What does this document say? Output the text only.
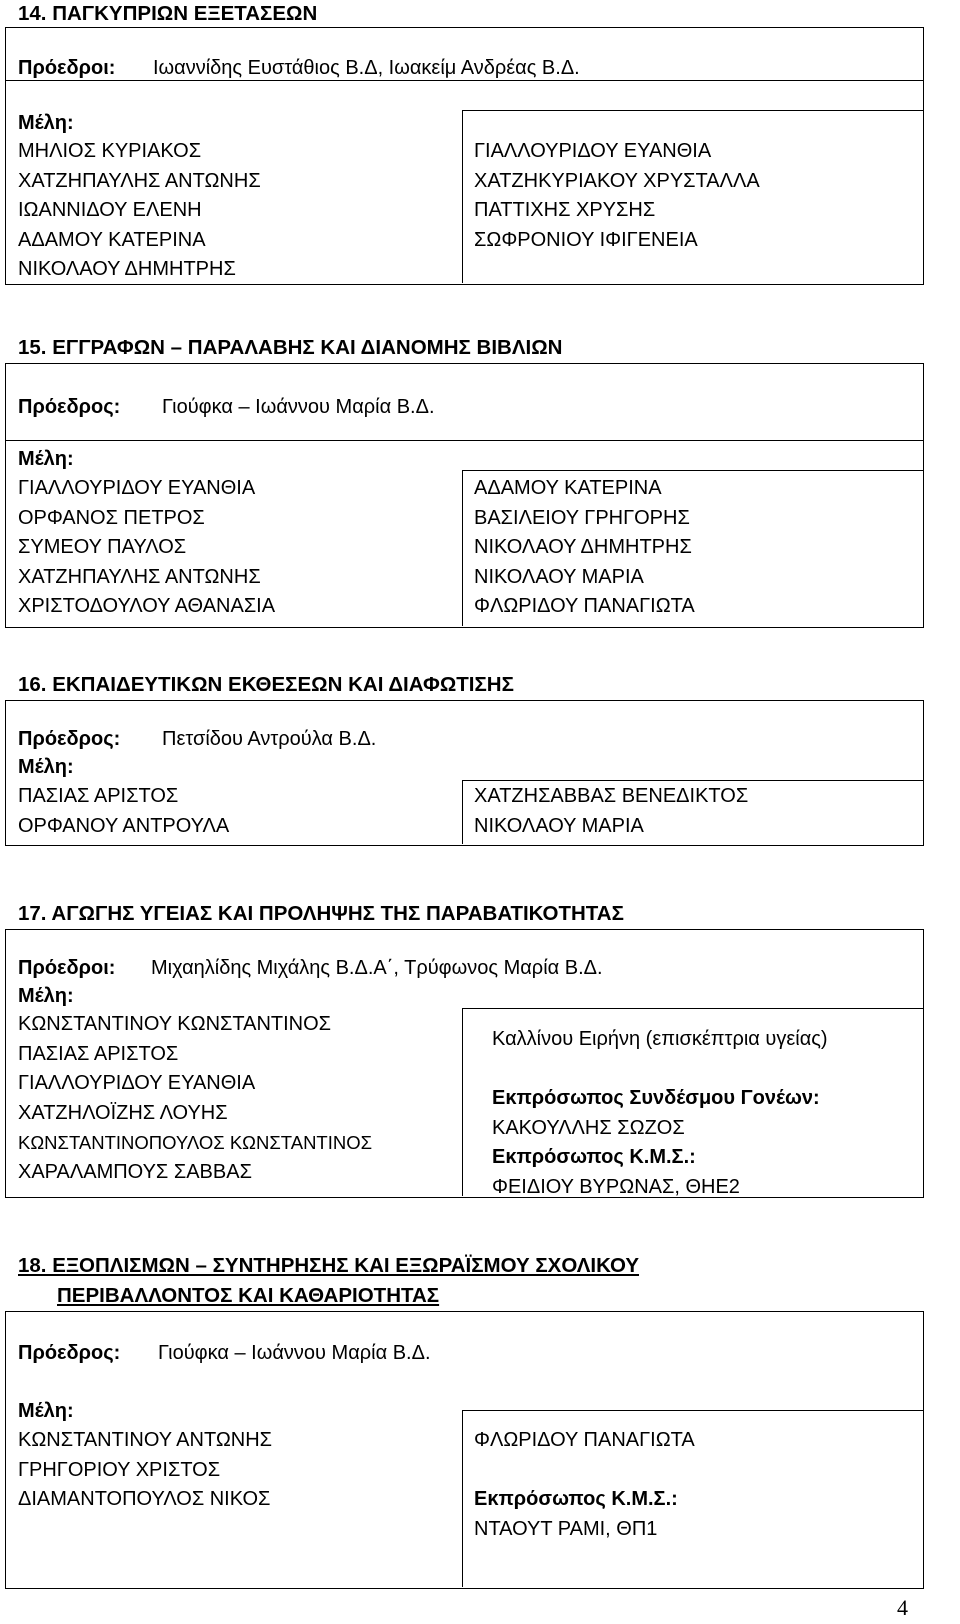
14. ΠΑΓΚΥΠΡΙΩΝ ΕΞΕΤΑΣΕΩΝ
Πρόεδροι: Ιωαννίδης Ευστάθιος Β.Δ, Ιωακείμ Ανδρέας Β.Δ.
Μέλη:
ΜΗΛΙΟΣ ΚΥΡΙΑΚΟΣ
ΧΑΤΖΗΠΑΥΛΗΣ ΑΝΤΩΝΗΣ
ΙΩΑΝΝΙΔΟΥ ΕΛΕΝΗ
ΑΔΑΜΟΥ ΚΑΤΕΡΙΝΑ
ΝΙΚΟΛΑΟΥ ΔΗΜΗΤΡΗΣ
ΓΙΑΛΛΟΥΡΙΔΟΥ ΕΥΑΝΘΙΑ
ΧΑΤΖΗΚΥΡΙΑΚΟΥ ΧΡΥΣΤΑΛΛΑ
ΠΑΤΤΙΧΗΣ ΧΡΥΣΗΣ
ΣΩΦΡΟΝΙΟΥ ΙΦΙΓΕΝΕΙΑ
15. ΕΓΓΡΑΦΩΝ – ΠΑΡΑΛΑΒΗΣ ΚΑΙ ΔΙΑΝΟΜΗΣ ΒΙΒΛΙΩΝ
Πρόεδρος: Γιούφκα – Ιωάννου Μαρία Β.Δ.
Μέλη:
ΓΙΑΛΛΟΥΡΙΔΟΥ ΕΥΑΝΘΙΑ
ΟΡΦΑΝΟΣ ΠΕΤΡΟΣ
ΣΥΜΕΟΥ ΠΑΥΛΟΣ
ΧΑΤΖΗΠΑΥΛΗΣ ΑΝΤΩΝΗΣ
ΧΡΙΣΤΟΔΟΥΛΟΥ ΑΘΑΝΑΣΙΑ
ΑΔΑΜΟΥ ΚΑΤΕΡΙΝΑ
ΒΑΣΙΛΕΙΟΥ ΓΡΗΓΟΡΗΣ
ΝΙΚΟΛΑΟΥ ΔΗΜΗΤΡΗΣ
ΝΙΚΟΛΑΟΥ ΜΑΡΙΑ
ΦΛΩΡΙΔΟΥ ΠΑΝΑΓΙΩΤΑ
16. ΕΚΠΑΙΔΕΥΤΙΚΩΝ ΕΚΘΕΣΕΩΝ ΚΑΙ ΔΙΑΦΩΤΙΣΗΣ
Πρόεδρος: Πετσίδου Αντρούλα Β.Δ.
Μέλη:
ΠΑΣΙΑΣ ΑΡΙΣΤΟΣ
ΟΡΦΑΝΟΥ ΑΝΤΡΟΥΛΑ
ΧΑΤΖΗΣΑΒΒΑΣ ΒΕΝΕΔΙΚΤΟΣ
ΝΙΚΟΛΑΟΥ ΜΑΡΙΑ
17. ΑΓΩΓΗΣ ΥΓΕΙΑΣ ΚΑΙ ΠΡΟΛΗΨΗΣ ΤΗΣ ΠΑΡΑΒΑΤΙΚΟΤΗΤΑΣ
Πρόεδροι: Μιχαηλίδης Μιχάλης Β.Δ.Α΄, Τρύφωνος Μαρία Β.Δ.
Μέλη:
ΚΩΝΣΤΑΝΤΙΝΟΥ ΚΩΝΣΤΑΝΤΙΝΟΣ
ΠΑΣΙΑΣ ΑΡΙΣΤΟΣ
ΓΙΑΛΛΟΥΡΙΔΟΥ ΕΥΑΝΘΙΑ
ΧΑΤΖΗΛΟΪΖΗΣ ΛΟΥΗΣ
ΚΩΝΣΤΑΝΤΙΝΟΠΟΥΛΟΣ ΚΩΝΣΤΑΝΤΙΝΟΣ
ΧΑΡΑΛΑΜΠΟΥΣ ΣΑΒΒΑΣ
Καλλίνου Ειρήνη (επισκέπτρια υγείας)
Εκπρόσωπος Συνδέσμου Γονέων:
ΚΑΚΟΥΛΛΗΣ ΣΩΖΟΣ
Εκπρόσωπος Κ.Μ.Σ.:
ΦΕΙΔΙΟΥ ΒΥΡΩΝΑΣ, ΘΗΕ2
18. ΕΞΟΠΛΙΣΜΩΝ – ΣΥΝΤΗΡΗΣΗΣ ΚΑΙ ΕΞΩΡΑΪΣΜΟΥ ΣΧΟΛΙΚΟΥ
ΠΕΡΙΒΑΛΛΟΝΤΟΣ ΚΑΙ ΚΑΘΑΡΙΟΤΗΤΑΣ
Πρόεδρος: Γιούφκα – Ιωάννου Μαρία Β.Δ.
Μέλη:
ΚΩΝΣΤΑΝΤΙΝΟΥ ΑΝΤΩΝΗΣ
ΓΡΗΓΟΡΙΟΥ ΧΡΙΣΤΟΣ
ΔΙΑΜΑΝΤΟΠΟΥΛΟΣ ΝΙΚΟΣ
ΦΛΩΡΙΔΟΥ ΠΑΝΑΓΙΩΤΑ
Εκπρόσωπος Κ.Μ.Σ.:
ΝΤΑΟΥΤ ΡΑΜΙ, ΘΠ1
4
